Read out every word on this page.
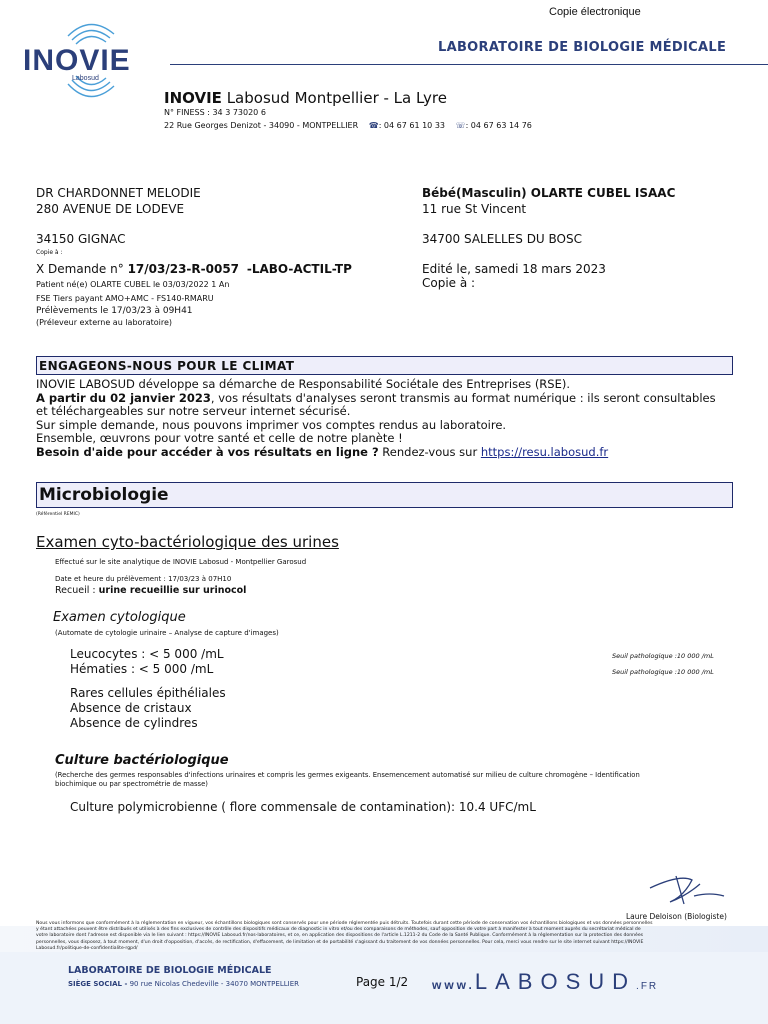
Copie électronique
INOVIE
Labosud
LABORATOIRE DE BIOLOGIE MÉDICALE
INOVIE Labosud Montpellier - La Lyre
N° FINESS : 34 3 73020 6
22 Rue Georges Denizot - 34090 - MONTPELLIER ☎: 04 67 61 10 33 ☏: 04 67 63 14 76
DR CHARDONNET MELODIE
280 AVENUE DE LODEVE
34150 GIGNAC
Copie à :
Bébé(Masculin) OLARTE CUBEL ISAAC
11 rue St Vincent
34700 SALELLES DU BOSC
Edité le, samedi 18 mars 2023
Copie à :
X Demande n° 17/03/23-R-0057 -LABO-ACTIL-TP
Patient né(e) OLARTE CUBEL le 03/03/2022 1 An
FSE Tiers payant AMO+AMC - FS140-RMARU
Prélèvements le 17/03/23 à 09H41
(Préleveur externe au laboratoire)
ENGAGEONS-NOUS POUR LE CLIMAT
INOVIE LABOSUD développe sa démarche de Responsabilité Sociétale des Entreprises (RSE).
A partir du 02 janvier 2023, vos résultats d'analyses seront transmis au format numérique : ils seront consultables
et téléchargeables sur notre serveur internet sécurisé.
Sur simple demande, nous pouvons imprimer vos comptes rendus au laboratoire.
Ensemble, œuvrons pour votre santé et celle de notre planète !
Besoin d'aide pour accéder à vos résultats en ligne ? Rendez-vous sur https://resu.labosud.fr
Microbiologie
(Référentiel REMIC)
Examen cyto-bactériologique des urines
Effectué sur le site analytique de INOVIE Labosud - Montpellier Garosud
Date et heure du prélèvement : 17/03/23 à 07H10
Recueil : urine recueillie sur urinocol
Examen cytologique
(Automate de cytologie urinaire – Analyse de capture d'images)
Leucocytes : < 5 000 /mL	Seuil pathologique :10 000 /mL
Hématies : < 5 000 /mL	Seuil pathologique :10 000 /mL
Rares cellules épithéliales
Absence de cristaux
Absence de cylindres
Culture bactériologique
(Recherche des germes responsables d'infections urinaires et compris les germes exigeants. Ensemencement automatisé sur milieu de culture chromogène – Identification
biochimique ou par spectrométrie de masse)
Culture polymicrobienne ( flore commensale de contamination): 10.4 UFC/mL
Laure Deloison (Biologiste)
Nous vous informons que conformément à la réglementation en vigueur, vos échantillons biologiques sont conservés pour une période réglementée puis détruits. Toutefois durant cette période de conservation vos échantillons biologiques et vos données personnelles
y étant attachées peuvent être distribués et utilisés à des fins exclusives de contrôle des dispositifs médicaux de diagnostic in vitro et/ou des comparaisons de méthodes, sauf opposition de votre part à manifester à tout moment auprès du secrétariat médical de
votre laboratoire dont l'adresse est disponible via le lien suivant : https://INOVIE Labosud.fr/nos-laboratoires, et ce, en application des dispositions de l'article L.1211-2 du Code de la Santé Publique. Conformément à la réglementation sur la protection des données
personnelles, vous disposez, à tout moment, d'un droit d'opposition, d'accès, de rectification, d'effacement, de limitation et de portabilité s'agissant du traitement de vos données personnelles. Pour cela, merci vous rendre sur le site internet suivant https://INOVIE
Labosud.fr/politique-de-confidentialite-rgpd/
LABORATOIRE DE BIOLOGIE MÉDICALE
SIÈGE SOCIAL - 90 rue Nicolas Chedeville - 34070 MONTPELLIER	Page 1/2 www.LABOSUD.FR
